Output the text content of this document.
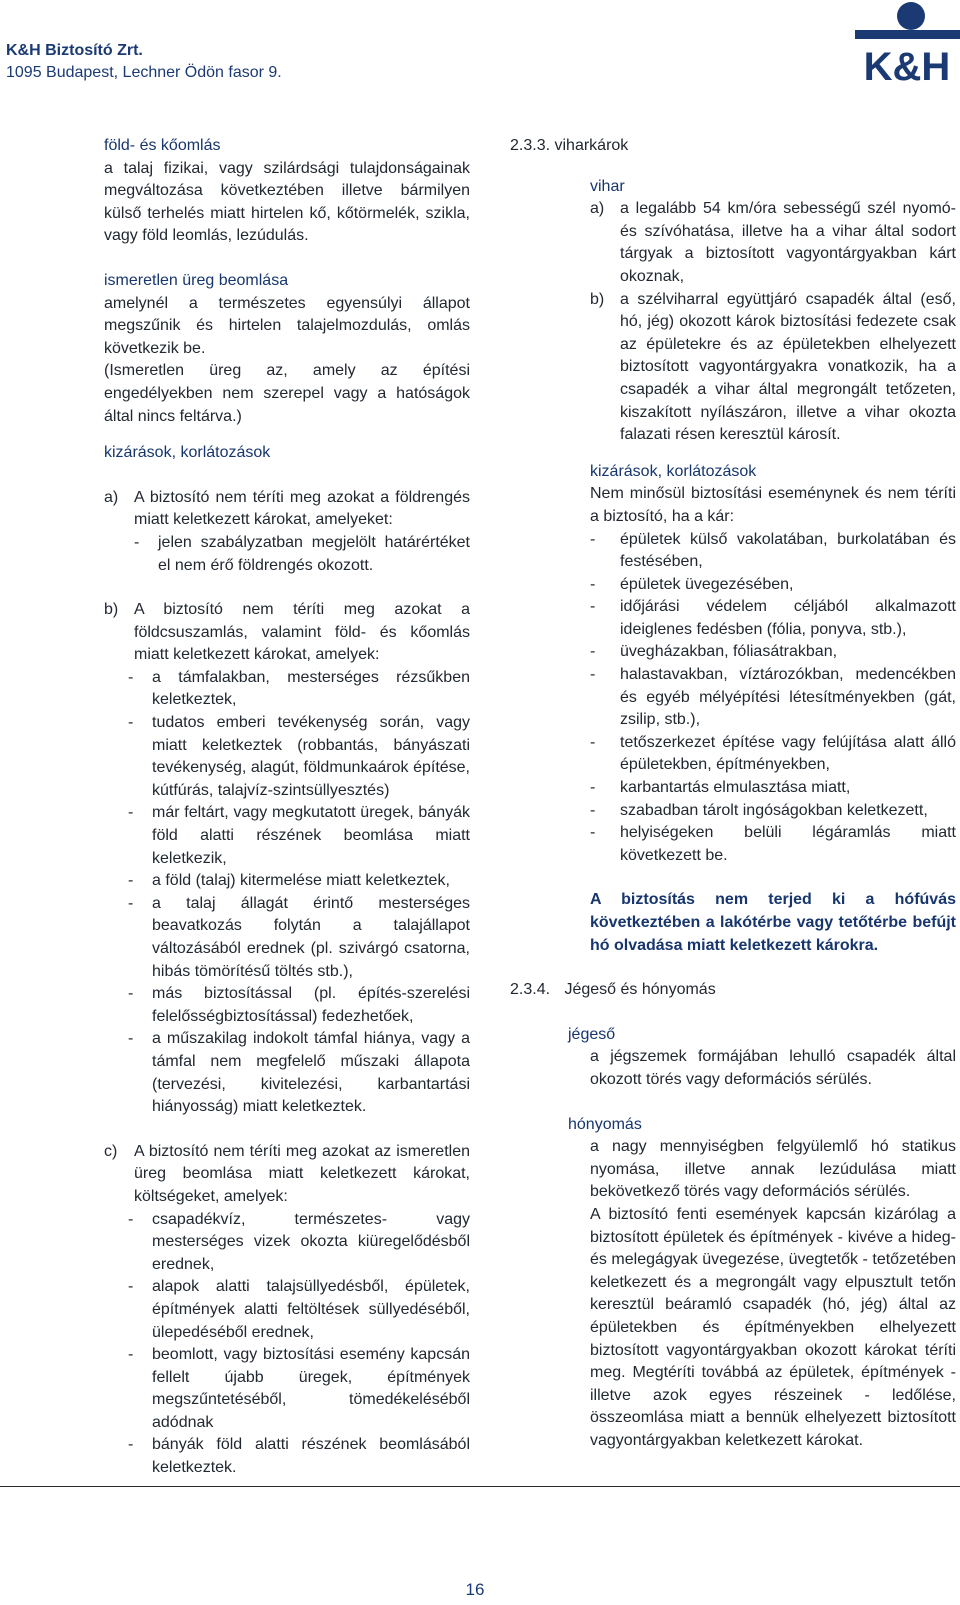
K&H Biztosító Zrt.
1095 Budapest, Lechner Ödön fasor 9.	K&H
föld- és kőomlás

a talaj fizikai, vagy szilárdsági tulajdonságainak megváltozása következtében illetve bármilyen külső terhelés miatt hirtelen kő, kőtörmelék, szikla, vagy föld leomlás, lezúdulás.

ismeretlen üreg beomlása

amelynél a természetes egyensúlyi állapot megszűnik és hirtelen talajelmozdulás, omlás következik be.

(Ismeretlen üreg az, amely az építési engedélyekben nem szerepel vagy a hatóságok által nincs feltárva.)

kizárások, korlátozások
a) A biztosító nem téríti meg azokat a földrengés miatt keletkezett károkat, amelyeket:
- jelen szabályzatban megjelölt határértéket el nem érő földrengés okozott.
b) A biztosító nem téríti meg azokat a földcsuszamlás, valamint föld- és kőomlás miatt keletkezett károkat, amelyek:
- a támfalakban, mesterséges rézsűkben keletkeztek,
- tudatos emberi tevékenység során, vagy miatt keletkeztek (robbantás, bányászati tevékenység, alagút, földmunkaárok építése, kútfúrás, talajvíz-szintsüllyesztés)
- már feltárt, vagy megkutatott üregek, bányák föld alatti részének beomlása miatt keletkezik,
- a föld (talaj) kitermelése miatt keletkeztek,
- a talaj állagát érintő mesterséges beavatkozás folytán a talajállapot változásából erednek (pl. szivárgó csatorna, hibás tömörítésű töltés stb.),
- más biztosítással (pl. építés-szerelési felelősségbiztosítással) fedezhetőek,
- a műszakilag indokolt támfal hiánya, vagy a támfal nem megfelelő műszaki állapota (tervezési, kivitelezési, karbantartási hiányosság) miatt keletkeztek.
c) A biztosító nem téríti meg azokat az ismeretlen üreg beomlása miatt keletkezett károkat, költségeket, amelyek:
- csapadékvíz, természetes- vagy mesterséges vizek okozta kiüregelődésből erednek,
- alapok alatti talajsüllyedésből, épületek, építmények alatti feltöltések süllyedéséből, ülepedéséből erednek,
- beomlott, vagy biztosítási esemény kapcsán fellelt újabb üregek, építmények megszűntetéséből, tömedékeléséből adódnak
- bányák föld alatti részének beomlásából keletkeztek.
2.3.3. viharkárok
vihar
a) a legalább 54 km/óra sebességű szél nyomó- és szívóhatása, illetve ha a vihar által sodort tárgyak a biztosított vagyontárgyakban kárt okoznak,
b) a szélviharral együttjáró csapadék által (eső, hó, jég) okozott károk biztosítási fedezete csak az épületekre és az épületekben elhelyezett biztosított vagyontárgyakra vonatkozik, ha a csapadék a vihar által megrongált tetőzeten, kiszakított nyílászáron, illetve a vihar okozta falazati résen keresztül károsít.
kizárások, korlátozások

Nem minősül biztosítási eseménynek és nem téríti a biztosító, ha a kár:

- épületek külső vakolatában, burkolatában és festésében,
- épületek üvegezésében,
- időjárási védelem céljából alkalmazott ideiglenes fedésben (fólia, ponyva, stb.),
- üvegházakban, fóliasátrakban,
- halastavakban, víztározókban, medencékben és egyéb mélyépítési létesítményekben (gát, zsilip, stb.),
- tetőszerkezet építése vagy felújítása alatt álló épületekben, építményekben,
- karbantartás elmulasztása miatt,
- szabadban tárolt ingóságokban keletkezett,
- helyiségeken belüli légáramlás miatt következett be.

A biztosítás nem terjed ki a hófúvás következtében a lakótérbe vagy tetőtérbe befújt hó olvadása miatt keletkezett károkra.

2.3.4. Jégeső és hónyomás
jégeső

a jégszemek formájában lehulló csapadék által okozott törés vagy deformációs sérülés.

hónyomás

a nagy mennyiségben felgyülemlő hó statikus nyomása, illetve annak lezúdulása miatt bekövetkező törés vagy deformációs sérülés.

A biztosító fenti események kapcsán kizárólag a biztosított épületek és építmények - kivéve a hideg- és melegágyak üvegezése, üvegtetők - tetőzetében keletkezett és a megrongált vagy elpusztult tetőn keresztül beáramló csapadék (hó, jég) által az épületekben és építményekben elhelyezett biztosított vagyontárgyakban okozott károkat téríti meg. Megtéríti továbbá az épületek, építmények - illetve azok egyes részeinek - ledőlése, összeomlása miatt a bennük elhelyezett biztosított vagyontárgyakban keletkezett károkat.

16
